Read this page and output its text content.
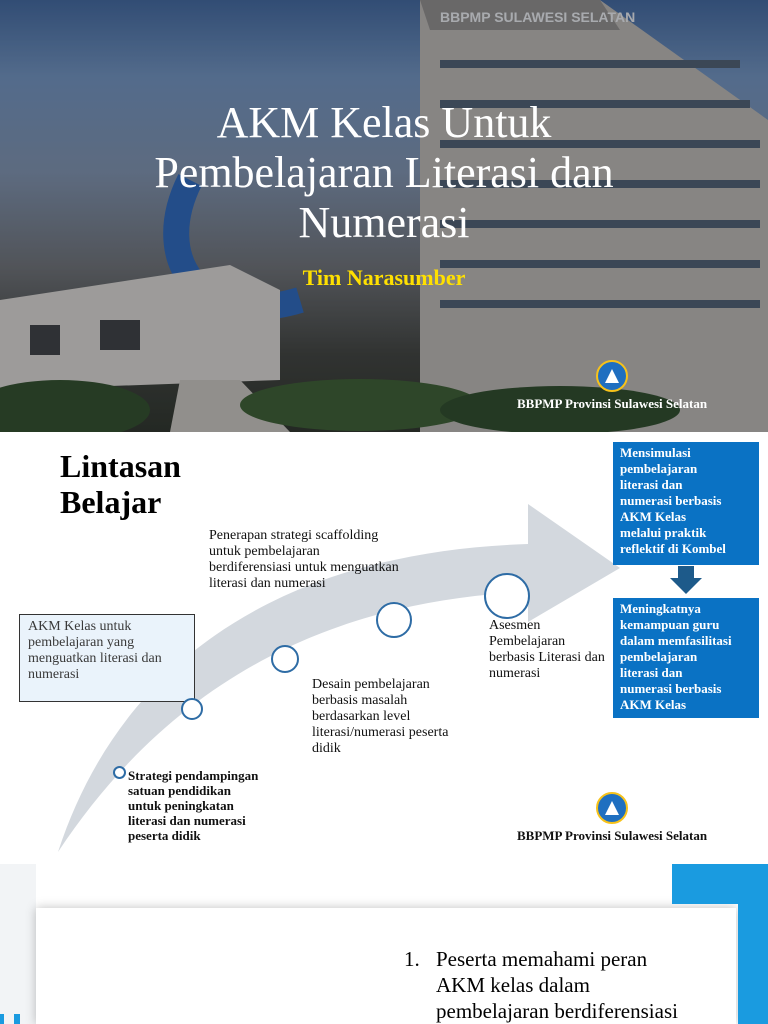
BBPMP SULAWESI SELATAN
AKM Kelas Untuk
Pembelajaran Literasi dan
Numerasi
Tim Narasumber
BBPMP Provinsi Sulawesi Selatan
Lintasan
Belajar
AKM Kelas untuk
pembelajaran yang
menguatkan literasi dan
numerasi
Strategi pendampingan
satuan pendidikan
untuk peningkatan
literasi dan numerasi
peserta didik
Desain pembelajaran
berbasis masalah
berdasarkan level
literasi/numerasi peserta
didik
Penerapan strategi scaffolding
untuk pembelajaran
berdiferensiasi untuk menguatkan
literasi dan numerasi
Asesmen
Pembelajaran
berbasis Literasi dan
numerasi
Mensimulasi
pembelajaran
literasi dan
numerasi berbasis
AKM Kelas
melalui praktik
reflektif di Kombel
Meningkatnya
kemampuan guru
dalam memfasilitasi
pembelajaran
literasi dan
numerasi berbasis
AKM Kelas
BBPMP Provinsi Sulawesi Selatan
1. Peserta memahami peran
AKM kelas dalam
pembelajaran berdiferensiasi
